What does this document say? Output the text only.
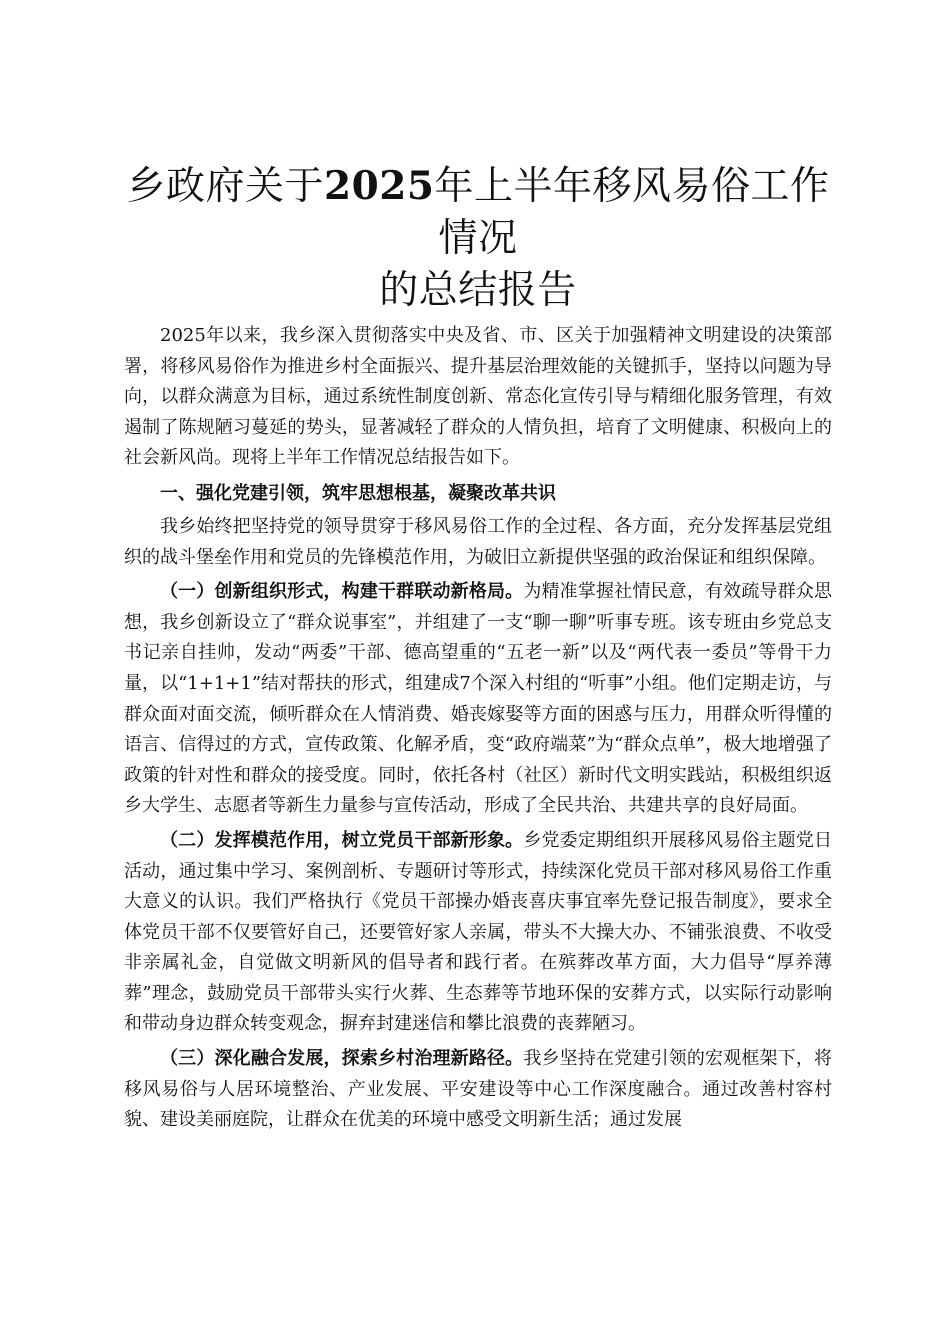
乡政府关于2025年上半年移风易俗工作情况
的总结报告

2025年以来，我乡深入贯彻落实中央及省、市、区关于加强精神文明建设的决策部署，将移风易俗作为推进乡村全面振兴、提升基层治理效能的关键抓手，坚持以问题为导向，以群众满意为目标，通过系统性制度创新、常态化宣传引导与精细化服务管理，有效遏制了陈规陋习蔓延的势头，显著减轻了群众的人情负担，培育了文明健康、积极向上的社会新风尚。现将上半年工作情况总结报告如下。

一、强化党建引领，筑牢思想根基，凝聚改革共识

我乡始终把坚持党的领导贯穿于移风易俗工作的全过程、各方面，充分发挥基层党组织的战斗堡垒作用和党员的先锋模范作用，为破旧立新提供坚强的政治保证和组织保障。

（一）创新组织形式，构建干群联动新格局。为精准掌握社情民意，有效疏导群众思想，我乡创新设立了“群众说事室”，并组建了一支“聊一聊”听事专班。该专班由乡党总支书记亲自挂帅，发动“两委”干部、德高望重的“五老一新”以及“两代表一委员”等骨干力量，以“1+1+1”结对帮扶的形式，组建成7个深入村组的“听事”小组。他们定期走访，与群众面对面交流，倾听群众在人情消费、婚丧嫁娶等方面的困惑与压力，用群众听得懂的语言、信得过的方式，宣传政策、化解矛盾，变“政府端菜”为“群众点单”，极大地增强了政策的针对性和群众的接受度。同时，依托各村（社区）新时代文明实践站，积极组织返乡大学生、志愿者等新生力量参与宣传活动，形成了全民共治、共建共享的良好局面。

（二）发挥模范作用，树立党员干部新形象。乡党委定期组织开展移风易俗主题党日活动，通过集中学习、案例剖析、专题研讨等形式，持续深化党员干部对移风易俗工作重大意义的认识。我们严格执行《党员干部操办婚丧喜庆事宜率先登记报告制度》，要求全体党员干部不仅要管好自己，还要管好家人亲属，带头不大操大办、不铺张浪费、不收受非亲属礼金，自觉做文明新风的倡导者和践行者。在殡葬改革方面，大力倡导“厚养薄葬”理念，鼓励党员干部带头实行火葬、生态葬等节地环保的安葬方式，以实际行动影响和带动身边群众转变观念，摒弃封建迷信和攀比浪费的丧葬陋习。

（三）深化融合发展，探索乡村治理新路径。我乡坚持在党建引领的宏观框架下，将移风易俗与人居环境整治、产业发展、平安建设等中心工作深度融合。通过改善村容村貌、建设美丽庭院，让群众在优美的环境中感受文明新生活；通过发展
